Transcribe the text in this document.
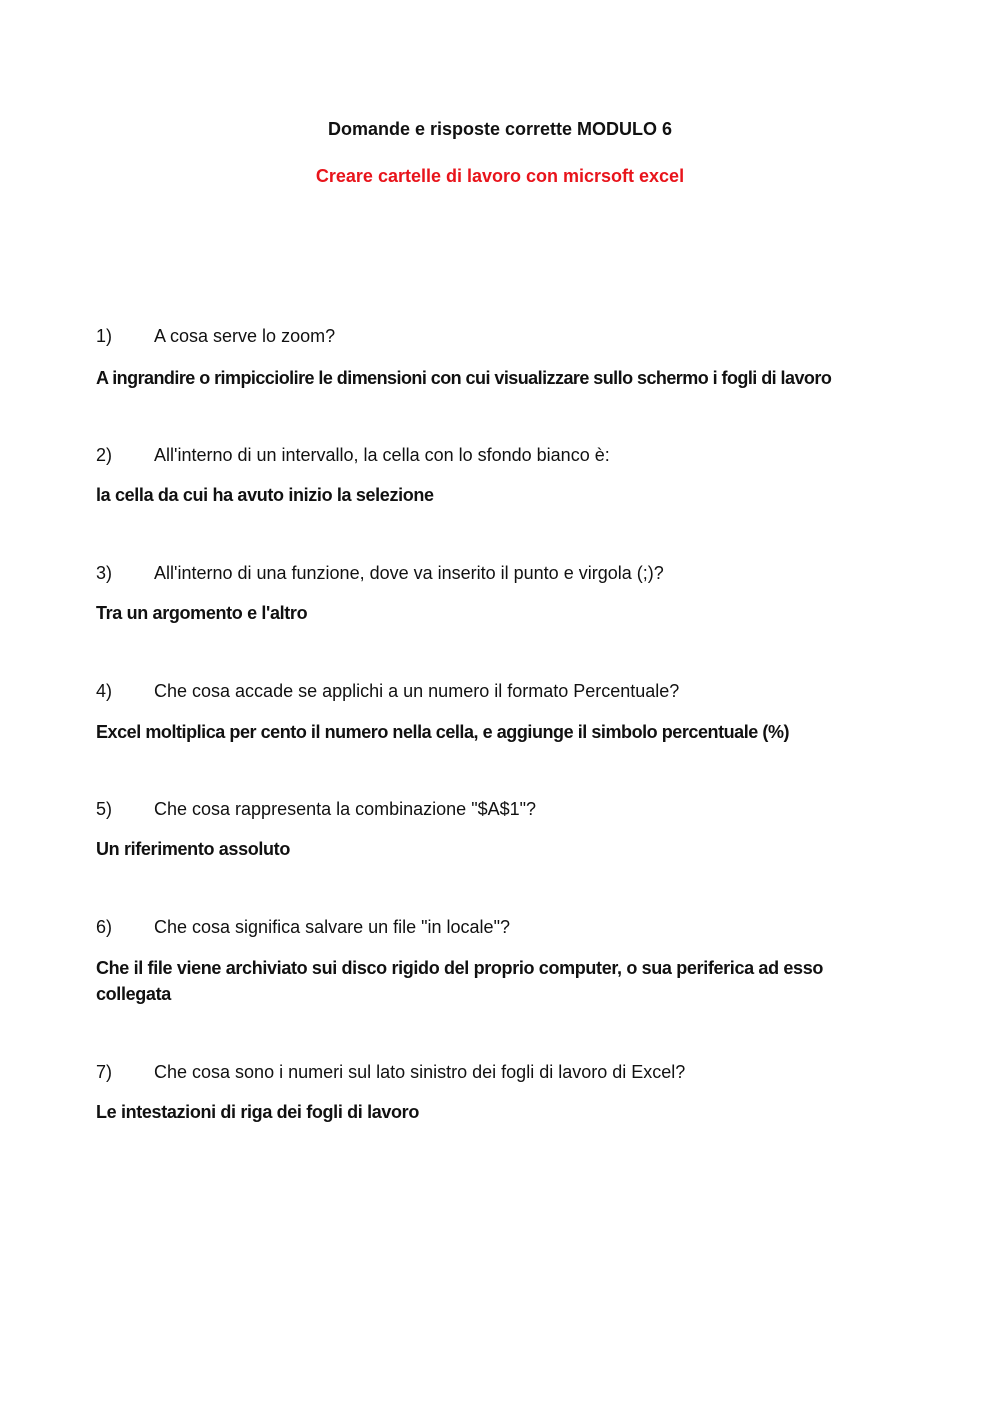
Domande e risposte corrette MODULO 6
Creare cartelle di lavoro con micrsoft excel
1) A cosa serve lo zoom?
A ingrandire o rimpicciolire le dimensioni con cui visualizzare sullo schermo i fogli di lavoro
2) All'interno di un intervallo, la cella con lo sfondo bianco è:
la cella da cui ha avuto inizio la selezione
3) All'interno di una funzione, dove va inserito il punto e virgola (;)?
Tra un argomento e l'altro
4) Che cosa accade se applichi a un numero il formato Percentuale?
Excel moltiplica per cento il numero nella cella, e aggiunge il simbolo percentuale (%)
5) Che cosa rappresenta la combinazione "$A$1"?
Un riferimento assoluto
6) Che cosa significa salvare un file "in locale"?
Che il file viene archiviato sui disco rigido del proprio computer, o sua periferica ad esso collegata
7) Che cosa sono i numeri sul lato sinistro dei fogli di lavoro di Excel?
Le intestazioni di riga dei fogli di lavoro
